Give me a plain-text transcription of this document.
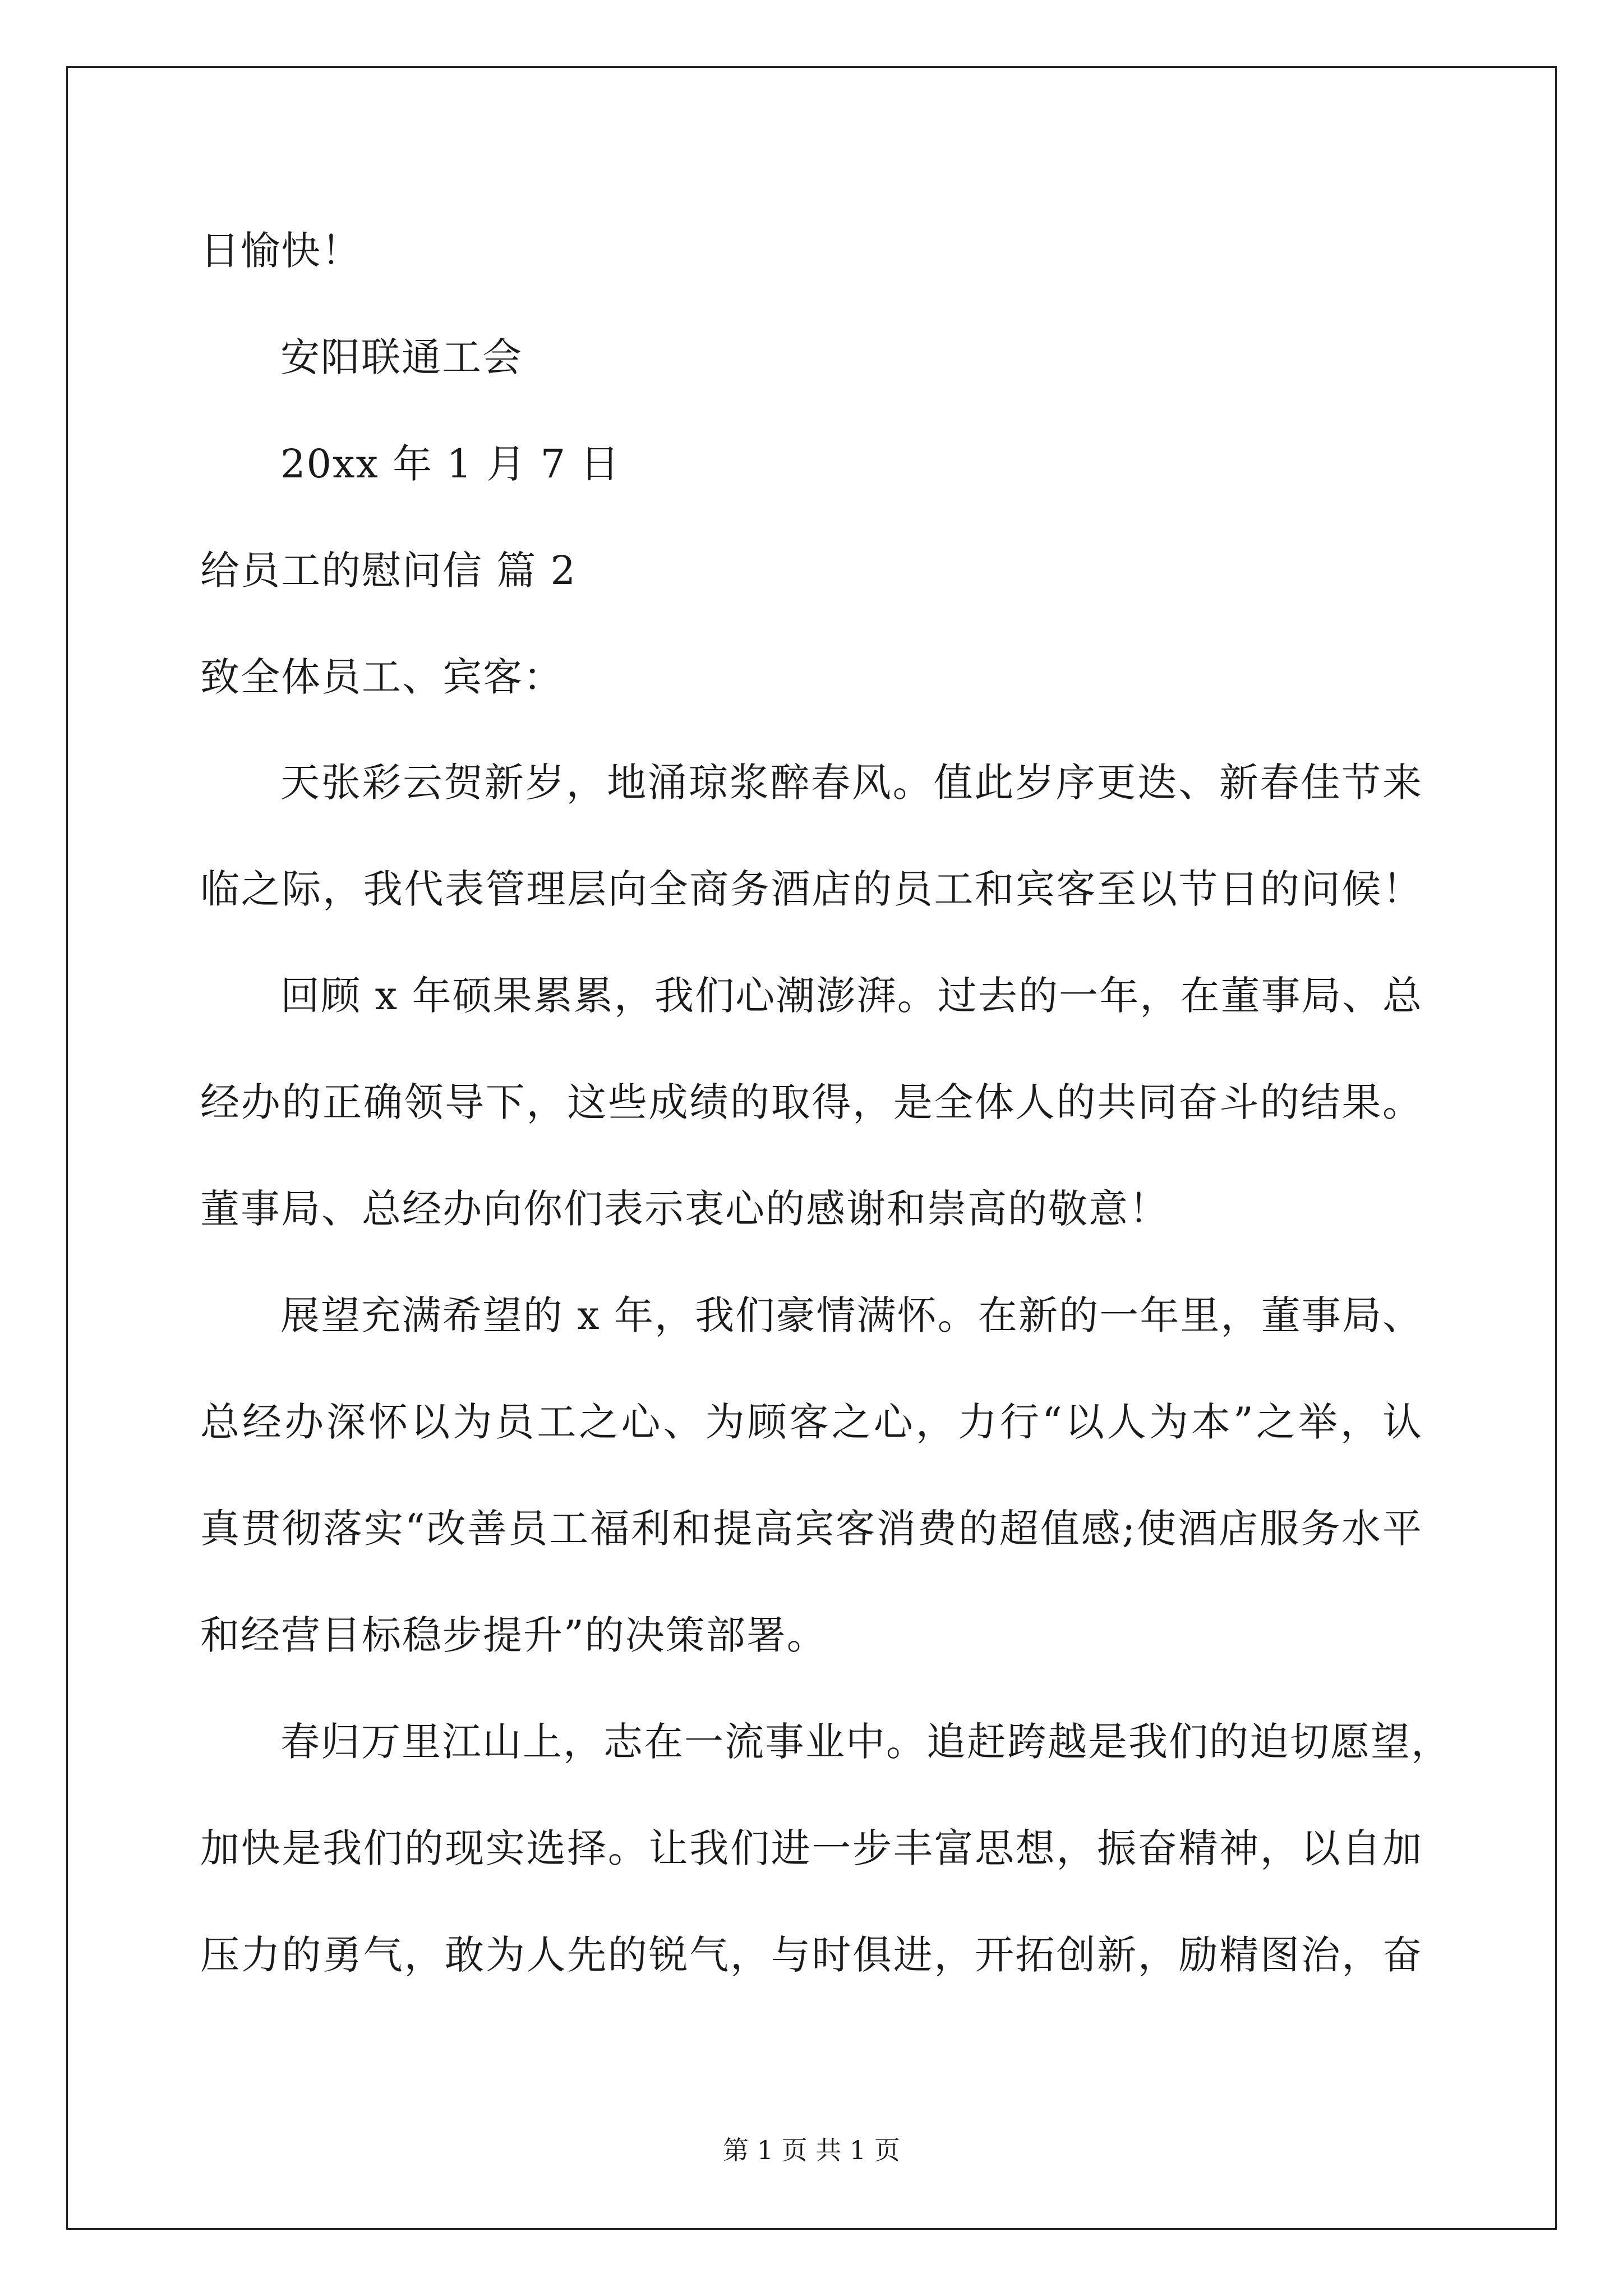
日愉快！
安阳联通工会
20xx 年 1 月 7 日
给员工的慰问信 篇 2
致全体员工、宾客：
天张彩云贺新岁，地涌琼浆醉春风。值此岁序更迭、新春佳节来
临之际，我代表管理层向全商务酒店的员工和宾客至以节日的问候！
回顾 x 年硕果累累，我们心潮澎湃。过去的一年，在董事局、总
经办的正确领导下，这些成绩的取得，是全体人的共同奋斗的结果。
董事局、总经办向你们表示衷心的感谢和崇高的敬意！
展望充满希望的 x 年，我们豪情满怀。在新的一年里，董事局、
总经办深怀以为员工之心、为顾客之心，力行“以人为本”之举，认
真贯彻落实“改善员工福利和提高宾客消费的超值感;使酒店服务水平
和经营目标稳步提升”的决策部署。
春归万里江山上，志在一流事业中。追赶跨越是我们的迫切愿望，
加快是我们的现实选择。让我们进一步丰富思想，振奋精神，以自加
压力的勇气，敢为人先的锐气，与时俱进，开拓创新，励精图治，奋
第 1 页 共 1 页
